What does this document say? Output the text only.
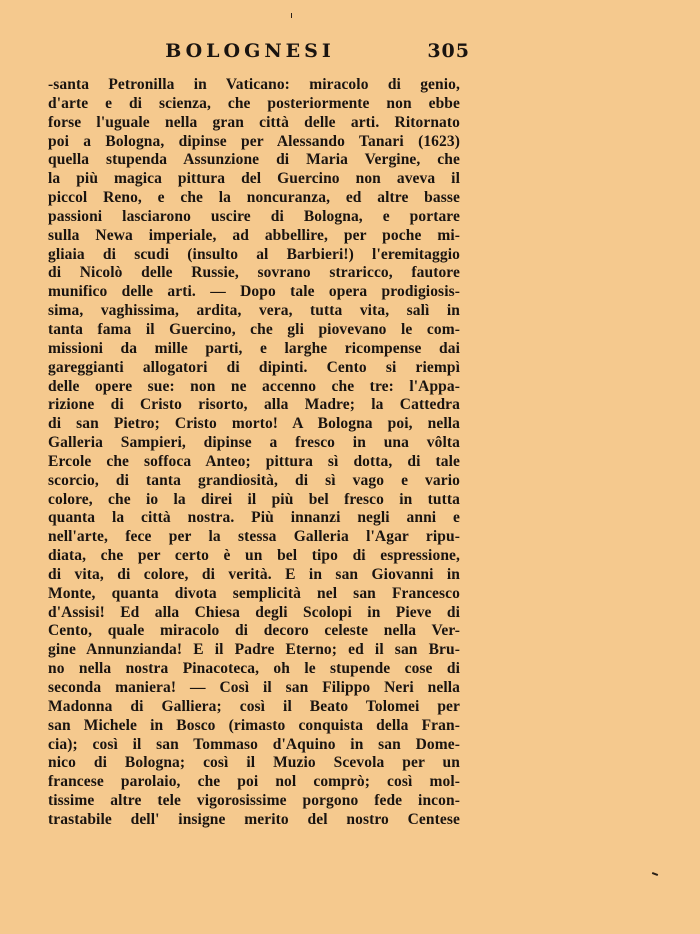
BOLOGNESI	305
-santa Petronilla in Vaticano: miracolo di genio,
d'arte e di scienza, che posteriormente non ebbe
forse l'uguale nella gran città delle arti. Ritornato
poi a Bologna, dipinse per Alessando Tanari (1623)
quella stupenda Assunzione di Maria Vergine, che
la più magica pittura del Guercino non aveva il
piccol Reno, e che la noncuranza, ed altre basse
passioni lasciarono uscire di Bologna, e portare
sulla Newa imperiale, ad abbellire, per poche mi-
gliaia di scudi (insulto al Barbieri!) l'eremitaggio
di Nicolò delle Russie, sovrano straricco, fautore
munifico delle arti. — Dopo tale opera prodigiosis-
sima, vaghissima, ardita, vera, tutta vita, salì in
tanta fama il Guercino, che gli piovevano le com-
missioni da mille parti, e larghe ricompense dai
gareggianti allogatori di dipinti. Cento si riempì
delle opere sue: non ne accenno che tre: l'Appa-
rizione di Cristo risorto, alla Madre; la Cattedra
di san Pietro; Cristo morto! A Bologna poi, nella
Galleria Sampieri, dipinse a fresco in una vôlta
Ercole che soffoca Anteo; pittura sì dotta, di tale
scorcio, di tanta grandiosità, di sì vago e vario
colore, che io la direi il più bel fresco in tutta
quanta la città nostra. Più innanzi negli anni e
nell'arte, fece per la stessa Galleria l'Agar ripu-
diata, che per certo è un bel tipo di espressione,
di vita, di colore, di verità. E in san Giovanni in
Monte, quanta divota semplicità nel san Francesco
d'Assisi! Ed alla Chiesa degli Scolopi in Pieve di
Cento, quale miracolo di decoro celeste nella Ver-
gine Annunzianda! E il Padre Eterno; ed il san Bru-
no nella nostra Pinacoteca, oh le stupende cose di
seconda maniera! — Così il san Filippo Neri nella
Madonna di Galliera; così il Beato Tolomei per
san Michele in Bosco (rimasto conquista della Fran-
cia); così il san Tommaso d'Aquino in san Dome-
nico di Bologna; così il Muzio Scevola per un
francese parolaio, che poi nol comprò; così mol-
tissime altre tele vigorosissime porgono fede incon-
trastabile dell' insigne merito del nostro Centese
